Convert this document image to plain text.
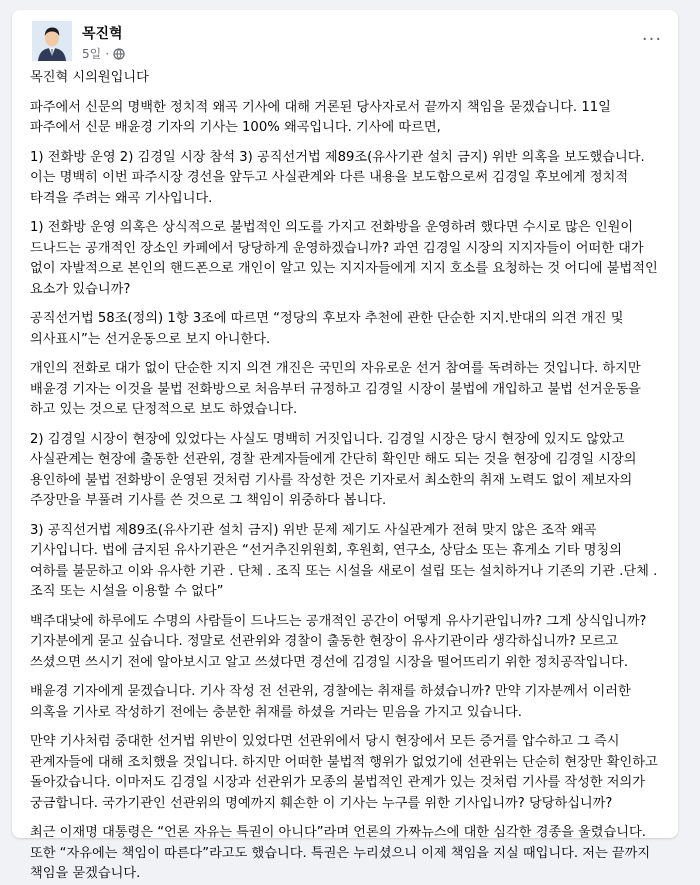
목진혁
5일 ·
···

목진혁 시의원입니다

파주에서 신문의 명백한 정치적 왜곡 기사에 대해 거론된 당사자로서 끝까지 책임을 묻겠습니다. 11일 파주에서 신문 배윤경 기자의 기사는 100% 왜곡입니다. 기사에 따르면,

1) 전화방 운영 2) 김경일 시장 참석 3) 공직선거법 제89조(유사기관 설치 금지) 위반 의혹을 보도했습니다. 이는 명백히 이번 파주시장 경선을 앞두고 사실관계와 다른 내용을 보도함으로써 김경일 후보에게 정치적 타격을 주려는 왜곡 기사입니다.

1) 전화방 운영 의혹은 상식적으로 불법적인 의도를 가지고 전화방을 운영하려 했다면 수시로 많은 인원이 드나드는 공개적인 장소인 카페에서 당당하게 운영하겠습니까? 과연 김경일 시장의 지지자들이 어떠한 대가 없이 자발적으로 본인의 핸드폰으로 개인이 알고 있는 지지자들에게 지지 호소를 요청하는 것 어디에 불법적인 요소가 있습니까?

공직선거법 58조(정의) 1항 3조에 따르면 “정당의 후보자 추천에 관한 단순한 지지.반대의 의견 개진 및 의사표시”는 선거운동으로 보지 아니한다.

개인의 전화로 대가 없이 단순한 지지 의견 개진은 국민의 자유로운 선거 참여를 독려하는 것입니다. 하지만 배윤경 기자는 이것을 불법 전화방으로 처음부터 규정하고 김경일 시장이 불법에 개입하고 불법 선거운동을 하고 있는 것으로 단정적으로 보도 하였습니다.

2) 김경일 시장이 현장에 있었다는 사실도 명백히 거짓입니다. 김경일 시장은 당시 현장에 있지도 않았고 사실관계는 현장에 출동한 선관위, 경찰 관계자들에게 간단히 확인만 해도 되는 것을 현장에 김경일 시장의 용인하에 불법 전화방이 운영된 것처럼 기사를 작성한 것은 기자로서 최소한의 취재 노력도 없이 제보자의 주장만을 부풀려 기사를 쓴 것으로 그 책임이 위중하다 봅니다.

3) 공직선거법 제89조(유사기관 설치 금지) 위반 문제 제기도 사실관계가 전혀 맞지 않은 조작 왜곡 기사입니다. 법에 금지된 유사기관은 “선거추진위원회, 후원회, 연구소, 상담소 또는 휴게소 기타 명칭의 여하를 불문하고 이와 유사한 기관 . 단체 . 조직 또는 시설을 새로이 설립 또는 설치하거나 기존의 기관 .단체 . 조직 또는 시설을 이용할 수 없다”

백주대낮에 하루에도 수명의 사람들이 드나드는 공개적인 공간이 어떻게 유사기관입니까? 그게 상식입니까? 기자분에게 묻고 싶습니다. 정말로 선관위와 경찰이 출동한 현장이 유사기관이라 생각하십니까? 모르고 쓰셨으면 쓰시기 전에 알아보시고 알고 쓰셨다면 경선에 김경일 시장을 떨어뜨리기 위한 정치공작입니다.

배윤경 기자에게 묻겠습니다. 기사 작성 전 선관위, 경찰에는 취재를 하셨습니까? 만약 기자분께서 이러한 의혹을 기사로 작성하기 전에는 충분한 취재를 하셨을 거라는 믿음을 가지고 있습니다.

만약 기사처럼 중대한 선거법 위반이 있었다면 선관위에서 당시 현장에서 모든 증거를 압수하고 그 즉시 관계자들에 대해 조치했을 것입니다. 하지만 어떠한 불법적 행위가 없었기에 선관위는 단순히 현장만 확인하고 돌아갔습니다. 이마저도 김경일 시장과 선관위가 모종의 불법적인 관계가 있는 것처럼 기사를 작성한 저의가 궁금합니다. 국가기관인 선관위의 명예까지 훼손한 이 기사는 누구를 위한 기사입니까? 당당하십니까?

최근 이재명 대통령은 “언론 자유는 특권이 아니다”라며 언론의 가짜뉴스에 대한 심각한 경종을 울렸습니다. 또한 “자유에는 책임이 따른다”라고도 했습니다. 특권은 누리셨으니 이제 책임을 지실 때입니다. 저는 끝까지 책임을 묻겠습니다.
